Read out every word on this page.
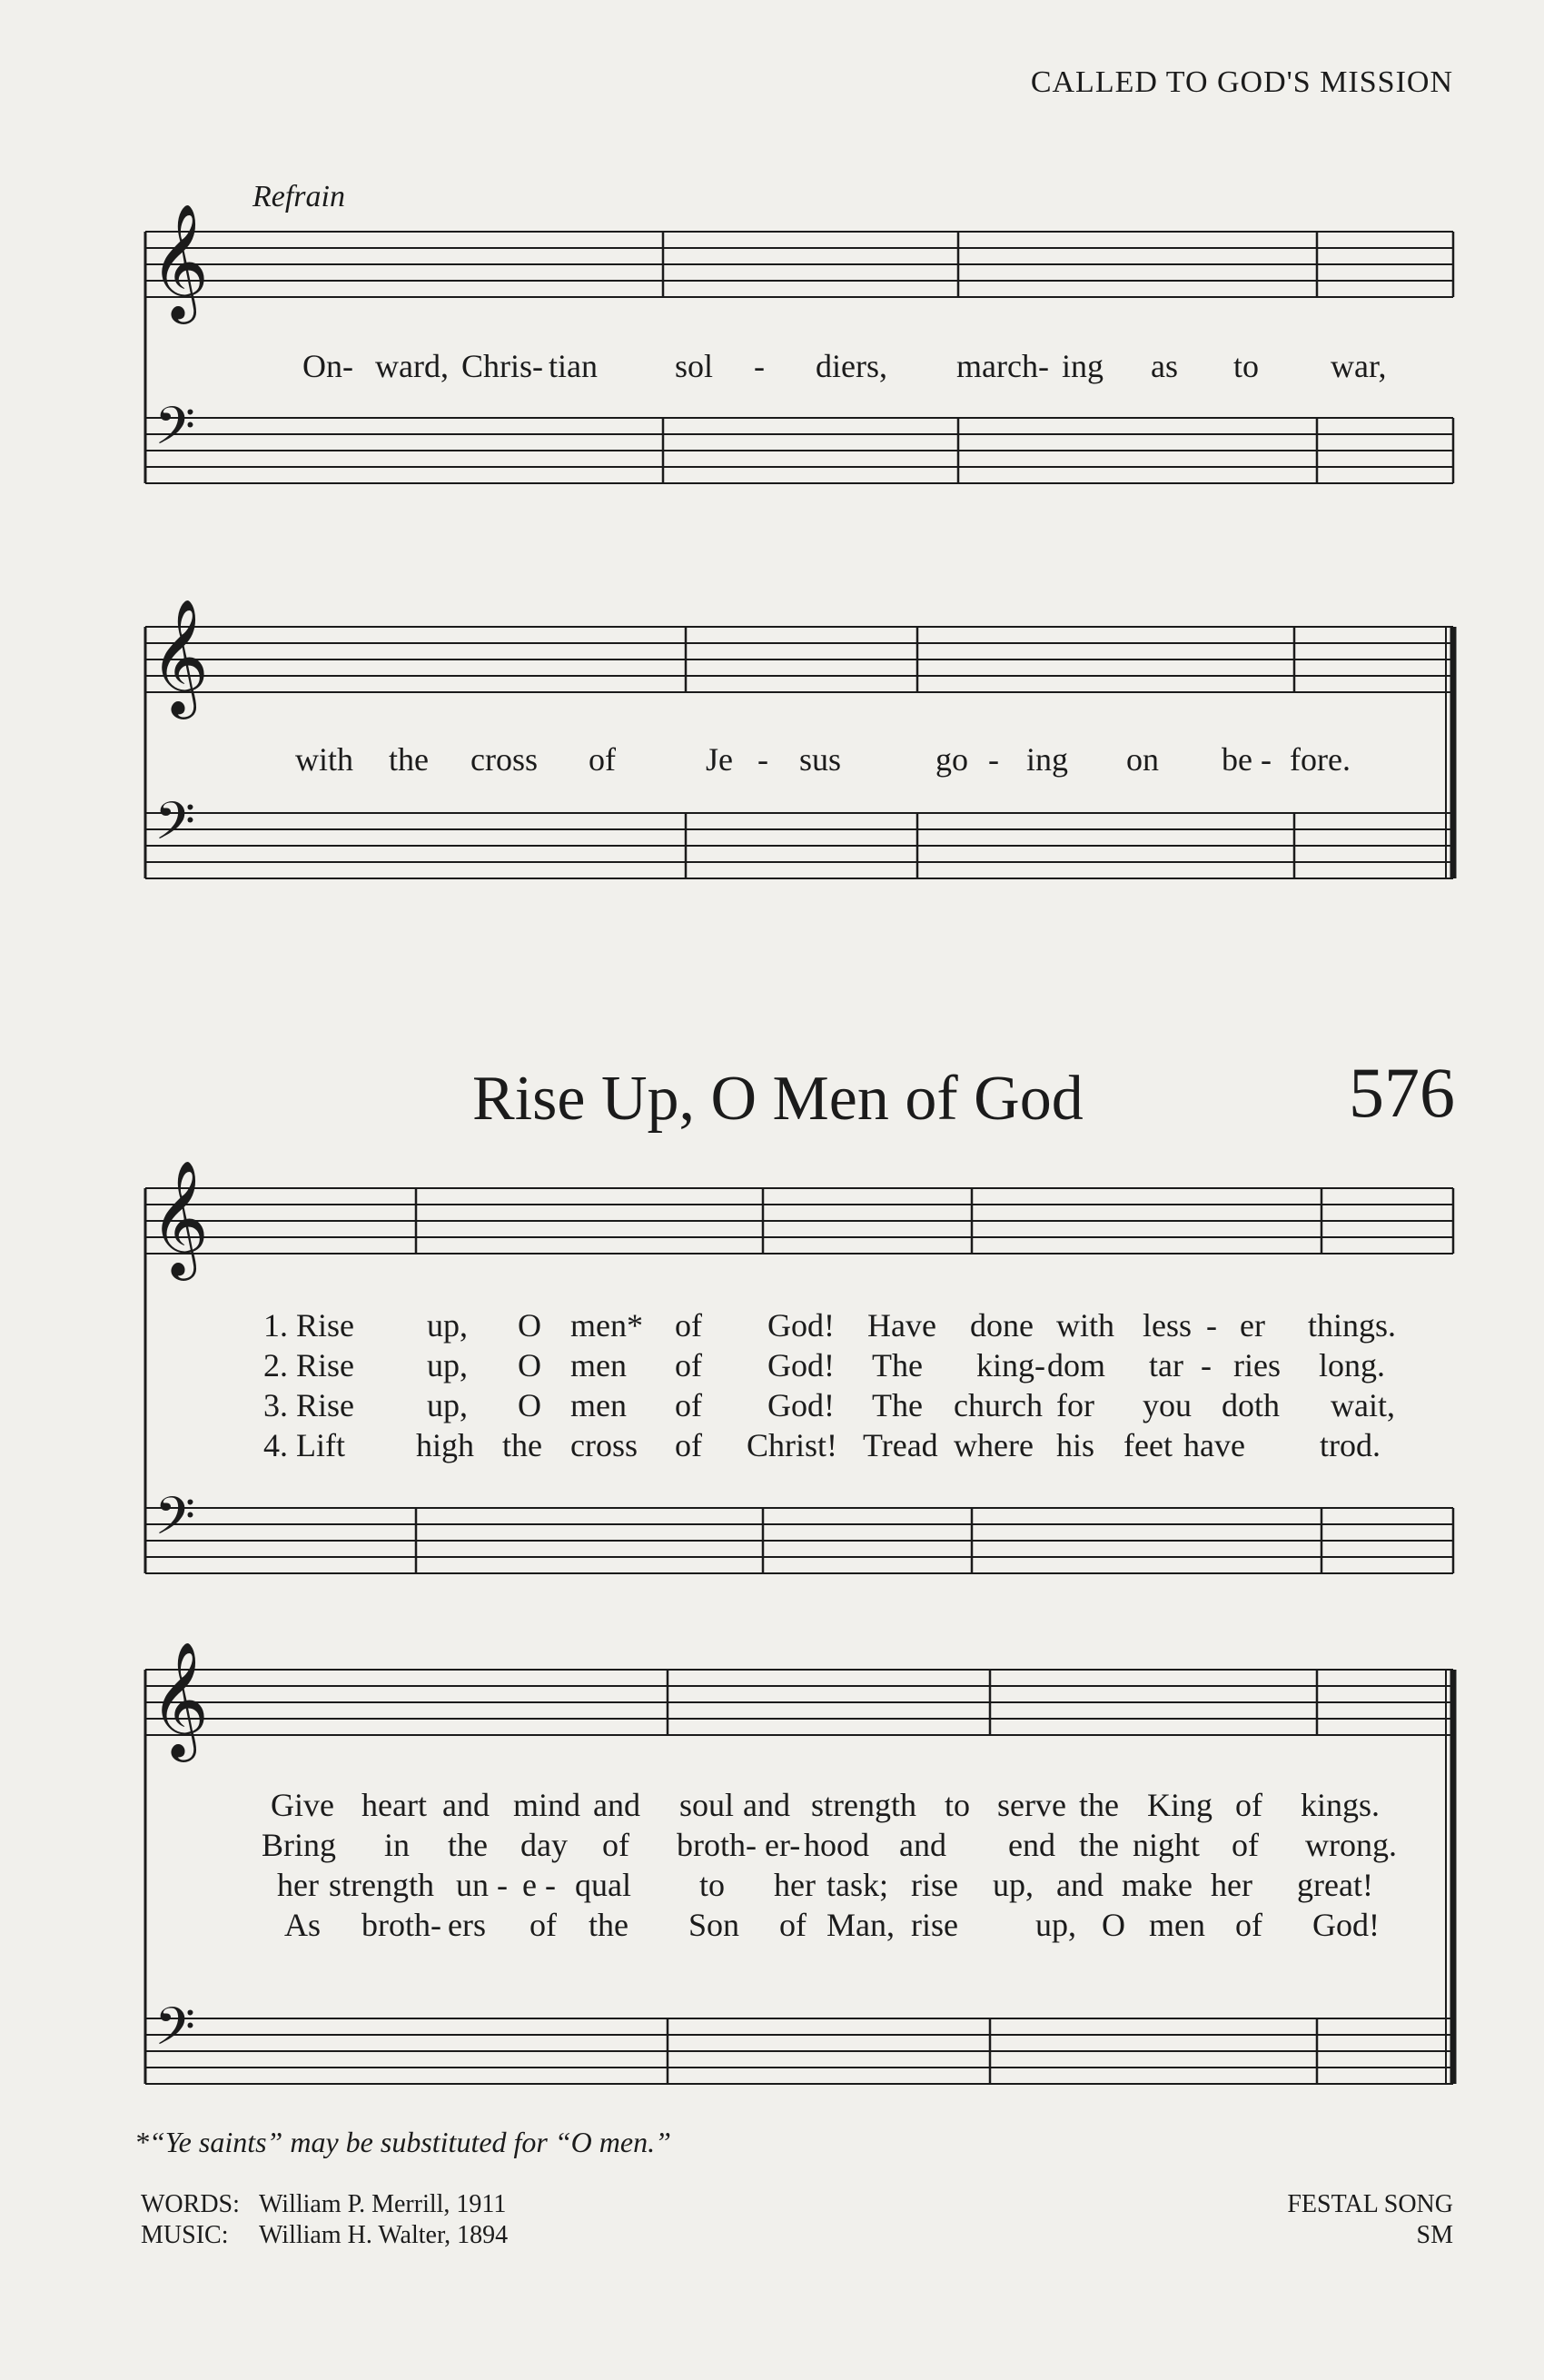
CALLED TO GOD'S MISSION
Refrain
Rise Up, O Men of God	576
𝄞
𝄢
𝄞
𝄢
𝄞
𝄢
𝄞
𝄢
On- ward, Chris- tian sol - diers, march- ing as to war,
with the cross of	Je - sus	go - ing on be - fore.
1. Rise up, O men* of God! Have done with less - er things.
2. Rise up, O men of God! The king- dom tar - ries long.
3. Rise up, O men of God! The church for you doth wait,
4. Lift high the cross of Christ! Tread where his feet have trod.
Give heart and mind and soul and strength to serve the King of kings.
Bring in the day of broth- er- hood and end the night of wrong.
her strength un - e - qual to her task; rise up, and make her great!
As broth- ers of the Son of Man, rise up, O men of God!
*“Ye saints” may be substituted for “O men.”
WORDS: William P. Merrill, 1911
MUSIC: William H. Walter, 1894
FESTAL SONG
SM
